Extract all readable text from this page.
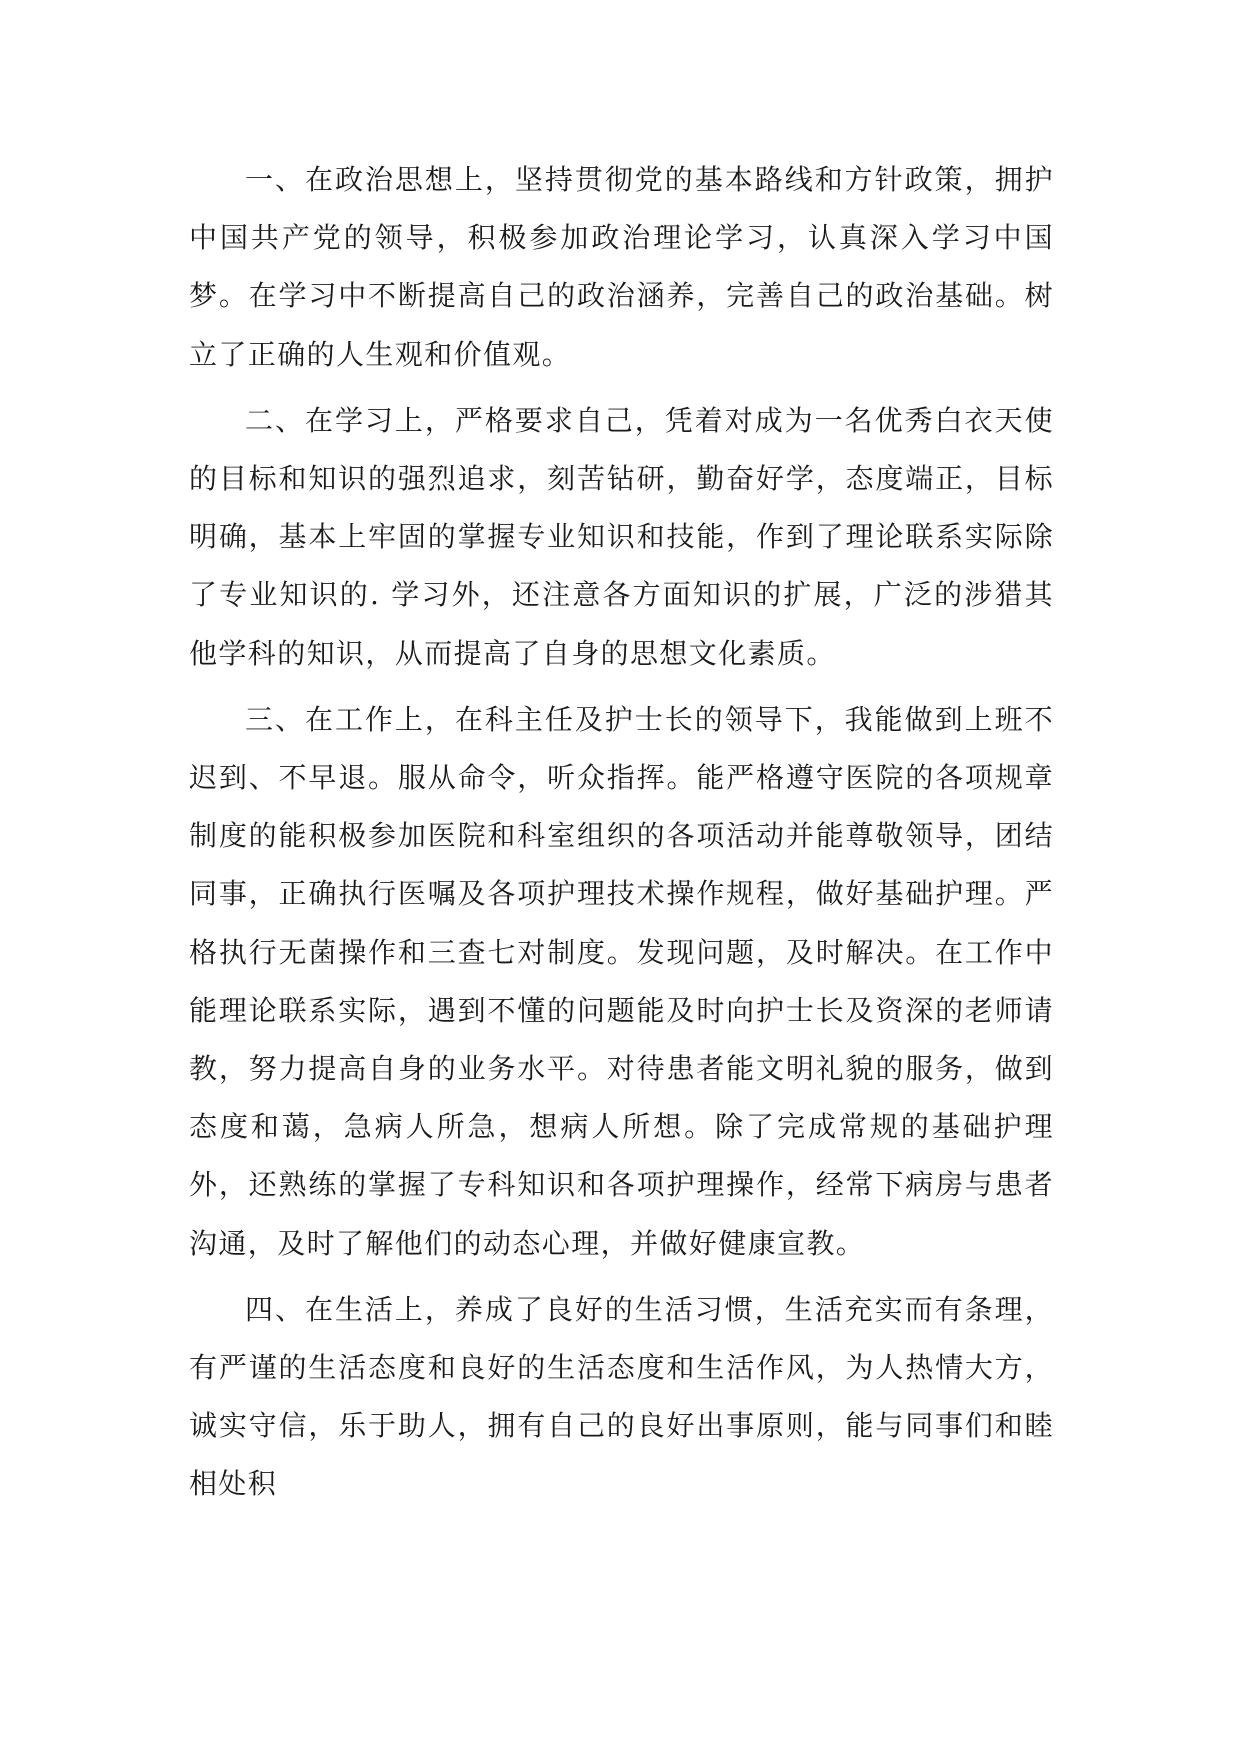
一、在政治思想上，坚持贯彻党的基本路线和方针政策，拥护中国共产党的领导，积极参加政治理论学习，认真深入学习中国梦。在学习中不断提高自己的政治涵养，完善自己的政治基础。树立了正确的人生观和价值观。

二、在学习上，严格要求自己，凭着对成为一名优秀白衣天使的目标和知识的强烈追求，刻苦钻研，勤奋好学，态度端正，目标明确，基本上牢固的掌握专业知识和技能，作到了理论联系实际除了专业知识的. 学习外，还注意各方面知识的扩展，广泛的涉猎其他学科的知识，从而提高了自身的思想文化素质。

三、在工作上，在科主任及护士长的领导下，我能做到上班不迟到、不早退。服从命令，听众指挥。能严格遵守医院的各项规章制度的能积极参加医院和科室组织的各项活动并能尊敬领导，团结同事，正确执行医嘱及各项护理技术操作规程，做好基础护理。严格执行无菌操作和三查七对制度。发现问题，及时解决。在工作中能理论联系实际，遇到不懂的问题能及时向护士长及资深的老师请教，努力提高自身的业务水平。对待患者能文明礼貌的服务，做到态度和蔼，急病人所急，想病人所想。除了完成常规的基础护理外，还熟练的掌握了专科知识和各项护理操作，经常下病房与患者沟通，及时了解他们的动态心理，并做好健康宣教。

四、在生活上，养成了良好的生活习惯，生活充实而有条理，有严谨的生活态度和良好的生活态度和生活作风，为人热情大方，诚实守信，乐于助人，拥有自己的良好出事原则，能与同事们和睦相处积
